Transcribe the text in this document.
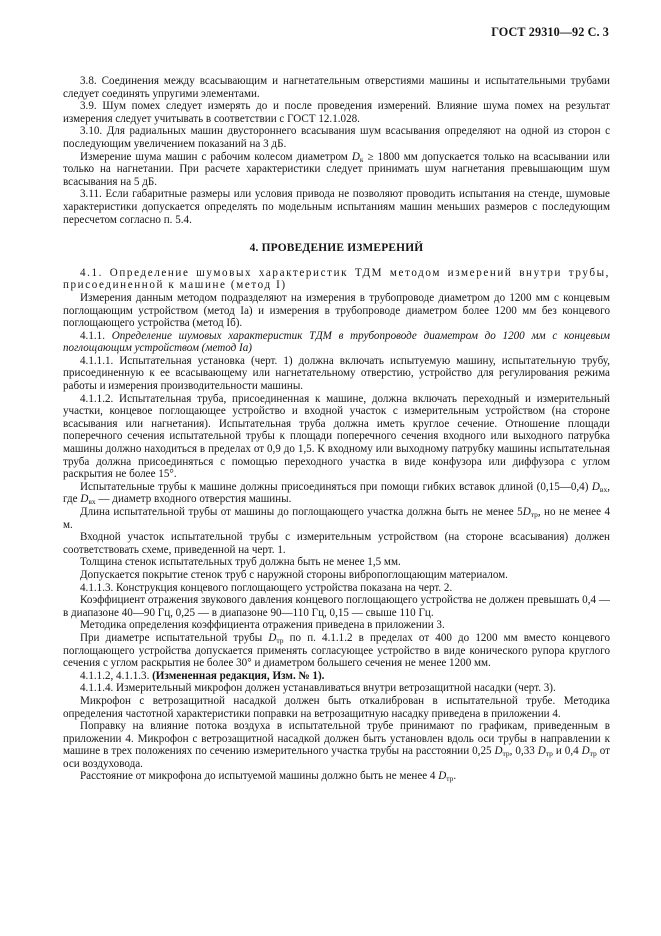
ГОСТ 29310—92 С. 3

3.8. Соединения между всасывающим и нагнетательным отверстиями машины и испытательными трубами следует соединять упругими элементами.

3.9. Шум помех следует измерять до и после проведения измерений. Влияние шума помех на результат измерения следует учитывать в соответствии с ГОСТ 12.1.028.

3.10. Для радиальных машин двустороннего всасывания шум всасывания определяют на одной из сторон с последующим увеличением показаний на 3 дБ.

Измерение шума машин с рабочим колесом диаметром $D_к \ge 1800$ мм допускается только на всасывании или только на нагнетании. При расчете характеристики следует принимать шум нагнетания превышающим шум всасывания на 5 дБ.

3.11. Если габаритные размеры или условия привода не позволяют проводить испытания на стенде, шумовые характеристики допускается определять по модельным испытаниям машин меньших размеров с последующим пересчетом согласно п. 5.4.

4. ПРОВЕДЕНИЕ ИЗМЕРЕНИЙ

4.1. Определение шумовых характеристик ТДМ методом измерений внутри трубы, присоединенной к машине (метод I)

Измерения данным методом подразделяют на измерения в трубопроводе диаметром до 1200 мм с концевым поглощающим устройством (метод Iа) и измерения в трубопроводе диаметром более 1200 мм без концевого поглощающего устройства (метод Iб).

4.1.1. Определение шумовых характеристик ТДМ в трубопроводе диаметром до 1200 мм с концевым поглощающим устройством (метод Iа)

4.1.1.1. Испытательная установка (черт. 1) должна включать испытуемую машину, испытательную трубу, присоединенную к ее всасывающему или нагнетательному отверстию, устройство для регулирования режима работы и измерения производительности машины.

4.1.1.2. Испытательная труба, присоединенная к машине, должна включать переходный и измерительный участки, концевое поглощающее устройство и входной участок с измерительным устройством (на стороне всасывания или нагнетания). Испытательная труба должна иметь круглое сечение. Отношение площади поперечного сечения испытательной трубы к площади поперечного сечения входного или выходного патрубка машины должно находиться в пределах от 0,9 до 1,5. К входному или выходному патрубку машины испытательная труба должна присоединяться с помощью переходного участка в виде конфузора или диффузора с углом раскрытия не более 15°.

Испытательные трубы к машине должны присоединяться при помощи гибких вставок длиной (0,15—0,4) $D_{вх}$, где $D_{вх}$ — диаметр входного отверстия машины.

Длина испытательной трубы от машины до поглощающего участка должна быть не менее $5D_{тр}$, но не менее 4 м.

Входной участок испытательной трубы с измерительным устройством (на стороне всасывания) должен соответствовать схеме, приведенной на черт. 1.

Толщина стенок испытательных труб должна быть не менее 1,5 мм.

Допускается покрытие стенок труб с наружной стороны вибропоглощающим материалом.

4.1.1.3. Конструкция концевого поглощающего устройства показана на черт. 2.

Коэффициент отражения звукового давления концевого поглощающего устройства не должен превышать 0,4 — в диапазоне 40—90 Гц, 0,25 — в диапазоне 90—110 Гц, 0,15 — свыше 110 Гц.

Методика определения коэффициента отражения приведена в приложении 3.

При диаметре испытательной трубы $D_{тр}$ по п. 4.1.1.2 в пределах от 400 до 1200 мм вместо концевого поглощающего устройства допускается применять согласующее устройство в виде конического рупора круглого сечения с углом раскрытия не более 30° и диаметром большего сечения не менее 1200 мм.

4.1.1.2, 4.1.1.3. (Измененная редакция, Изм. № 1).

4.1.1.4. Измерительный микрофон должен устанавливаться внутри ветрозащитной насадки (черт. 3).

Микрофон с ветрозащитной насадкой должен быть откалиброван в испытательной трубе. Методика определения частотной характеристики поправки на ветрозащитную насадку приведена в приложении 4.

Поправку на влияние потока воздуха в испытательной трубе принимают по графикам, приведенным в приложении 4. Микрофон с ветрозащитной насадкой должен быть установлен вдоль оси трубы в направлении к машине в трех положениях по сечению измерительного участка трубы на расстоянии 0,25 $D_{тр}$, 0,33 $D_{тр}$ и 0,4 $D_{тр}$ от оси воздуховода.

Расстояние от микрофона до испытуемой машины должно быть не менее 4 $D_{тр}$.
